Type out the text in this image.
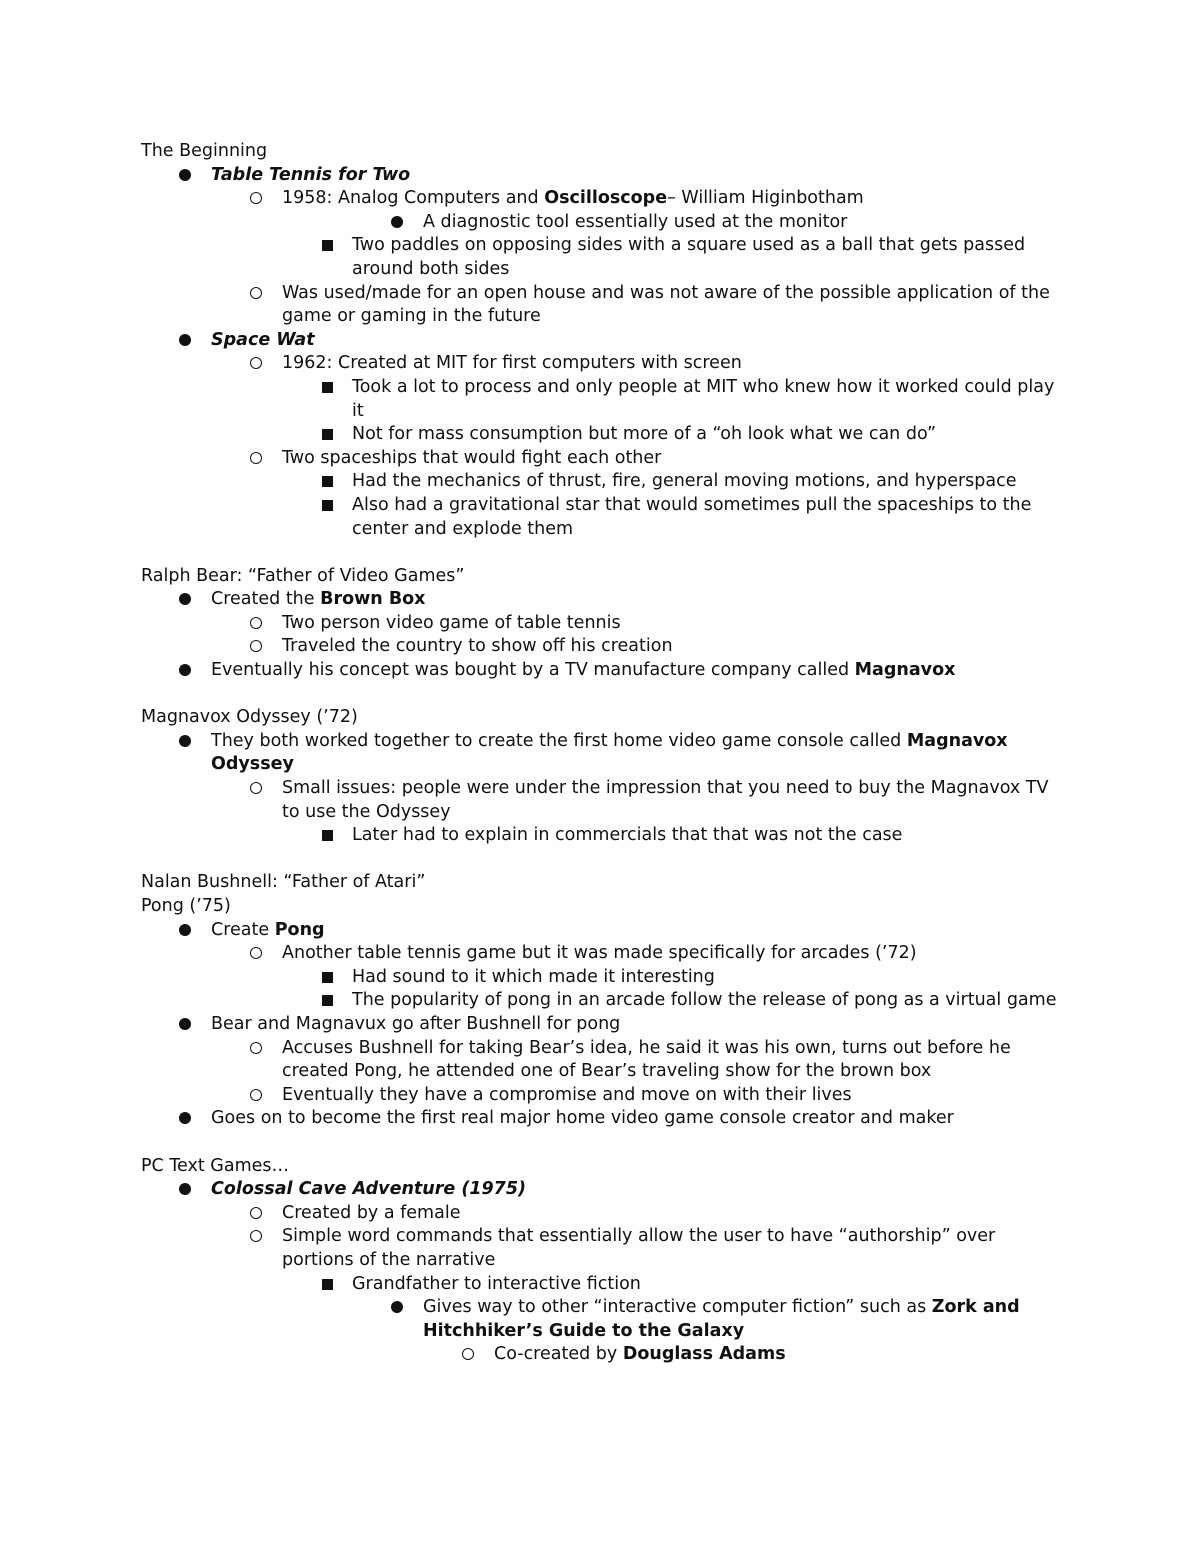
The Beginning
Table Tennis for Two
1958: Analog Computers and Oscilloscope– William Higinbotham
A diagnostic tool essentially used at the monitor
Two paddles on opposing sides with a square used as a ball that gets passed around both sides
Was used/made for an open house and was not aware of the possible application of the game or gaming in the future
Space Wat
1962: Created at MIT for first computers with screen
Took a lot to process and only people at MIT who knew how it worked could play it
Not for mass consumption but more of a “oh look what we can do”
Two spaceships that would fight each other
Had the mechanics of thrust, fire, general moving motions, and hyperspace
Also had a gravitational star that would sometimes pull the spaceships to the center and explode them
Ralph Bear: “Father of Video Games”
Created the Brown Box
Two person video game of table tennis
Traveled the country to show off his creation
Eventually his concept was bought by a TV manufacture company called Magnavox
Magnavox Odyssey (’72)
They both worked together to create the first home video game console called Magnavox Odyssey
Small issues: people were under the impression that you need to buy the Magnavox TV to use the Odyssey
Later had to explain in commercials that that was not the case
Nalan Bushnell: “Father of Atari”
Pong (’75)
Create Pong
Another table tennis game but it was made specifically for arcades (’72)
Had sound to it which made it interesting
The popularity of pong in an arcade follow the release of pong as a virtual game
Bear and Magnavux go after Bushnell for pong
Accuses Bushnell for taking Bear’s idea, he said it was his own, turns out before he created Pong, he attended one of Bear’s traveling show for the brown box
Eventually they have a compromise and move on with their lives
Goes on to become the first real major home video game console creator and maker
PC Text Games…
Colossal Cave Adventure (1975)
Created by a female
Simple word commands that essentially allow the user to have “authorship” over portions of the narrative
Grandfather to interactive fiction
Gives way to other “interactive computer fiction” such as Zork and Hitchhiker’s Guide to the Galaxy
Co-created by Douglass Adams
